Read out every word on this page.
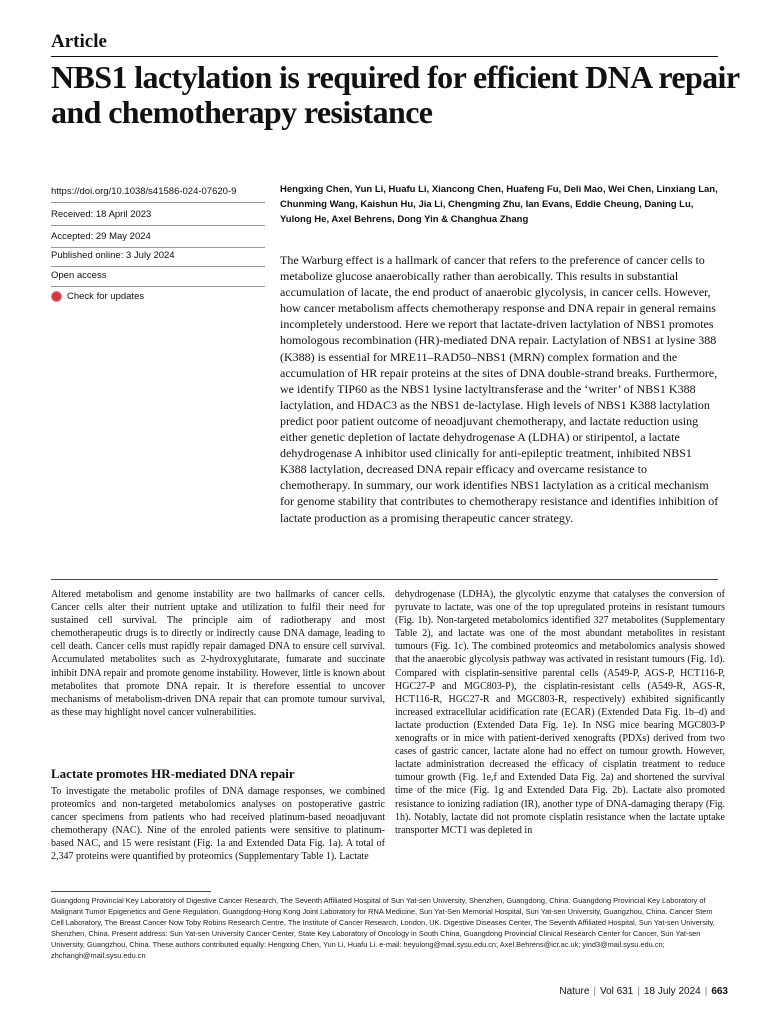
Article
NBS1 lactylation is required for efficient DNA repair and chemotherapy resistance
https://doi.org/10.1038/s41586-024-07620-9
Received: 18 April 2023
Accepted: 29 May 2024
Published online: 3 July 2024
Open access
Check for updates

Hengxing Chen, Yun Li, Huafu Li, Xiancong Chen, Huafeng Fu, Deli Mao, Wei Chen, Linxiang Lan, Chunming Wang, Kaishun Hu, Jia Li, Chengming Zhu, Ian Evans, Eddie Cheung, Daning Lu, Yulong He, Axel Behrens, Dong Yin & Changhua Zhang

The Warburg effect is a hallmark of cancer that refers to the preference of cancer cells to metabolize glucose anaerobically rather than aerobically. This results in substantial accumulation of lacate, the end product of anaerobic glycolysis, in cancer cells. However, how cancer metabolism affects chemotherapy response and DNA repair in general remains incompletely understood. Here we report that lactate-driven lactylation of NBS1 promotes homologous recombination (HR)-mediated DNA repair. Lactylation of NBS1 at lysine 388 (K388) is essential for MRE11–RAD50–NBS1 (MRN) complex formation and the accumulation of HR repair proteins at the sites of DNA double-strand breaks. Furthermore, we identify TIP60 as the NBS1 lysine lactyltransferase and the ‘writer’ of NBS1 K388 lactylation, and HDAC3 as the NBS1 de-lactylase. High levels of NBS1 K388 lactylation predict poor patient outcome of neoadjuvant chemotherapy, and lactate reduction using either genetic depletion of lactate dehydrogenase A (LDHA) or stiripentol, a lactate dehydrogenase A inhibitor used clinically for anti-epileptic treatment, inhibited NBS1 K388 lactylation, decreased DNA repair efficacy and overcame resistance to chemotherapy. In summary, our work identifies NBS1 lactylation as a critical mechanism for genome stability that contributes to chemotherapy resistance and identifies inhibition of lactate production as a promising therapeutic cancer strategy.

Altered metabolism and genome instability are two hallmarks of cancer cells. Cancer cells alter their nutrient uptake and utilization to fulfil their need for sustained cell survival. The principle aim of radiotherapy and most chemotherapeutic drugs is to directly or indirectly cause DNA damage, leading to cell death. Cancer cells must rapidly repair damaged DNA to ensure cell survival. Accumulated metabolites such as 2-hydroxyglutarate, fumarate and succinate inhibit DNA repair and promote genome instability. However, little is known about metabolites that promote DNA repair. It is therefore essential to uncover mechanisms of metabolism-driven DNA repair that can promote tumour survival, as these may highlight novel cancer vulnerabilities.

Lactate promotes HR-mediated DNA repair

To investigate the metabolic profiles of DNA damage responses, we combined proteomics and non-targeted metabolomics analyses on postoperative gastric cancer specimens from patients who had received platinum-based neoadjuvant chemotherapy (NAC). Nine of the enroled patients were sensitive to platinum-based NAC, and 15 were resistant (Fig. 1a and Extended Data Fig. 1a). A total of 2,347 proteins were quantified by proteomics (Supplementary Table 1). Lactate

dehydrogenase (LDHA), the glycolytic enzyme that catalyses the conversion of pyruvate to lactate, was one of the top upregulated proteins in resistant tumours (Fig. 1b). Non-targeted metabolomics identified 327 metabolites (Supplementary Table 2), and lactate was one of the most abundant metabolites in resistant tumours (Fig. 1c). The combined proteomics and metabolomics analysis showed that the anaerobic glycolysis pathway was activated in resistant tumours (Fig. 1d). Compared with cisplatin-sensitive parental cells (A549-P, AGS-P, HCT116-P, HGC27-P and MGC803-P), the cisplatin-resistant cells (A549-R, AGS-R, HCT116-R, HGC27-R and MGC803-R, respectively) exhibited significantly increased extracellular acidification rate (ECAR) (Extended Data Fig. 1b–d) and lactate production (Extended Data Fig. 1e). In NSG mice bearing MGC803-P xenografts or in mice with patient-derived xenografts (PDXs) derived from two cases of gastric cancer, lactate alone had no effect on tumour growth. However, lactate administration decreased the efficacy of cisplatin treatment to reduce tumour growth (Fig. 1e,f and Extended Data Fig. 2a) and shortened the survival time of the mice (Fig. 1g and Extended Data Fig. 2b). Lactate also promoted resistance to ionizing radiation (IR), another type of DNA-damaging therapy (Fig. 1h). Notably, lactate did not promote cisplatin resistance when the lactate uptake transporter MCT1 was depleted in

Guangdong Provincial Key Laboratory of Digestive Cancer Research, The Seventh Affiliated Hospital of Sun Yat-sen University, Shenzhen, Guangdong, China. Guangdong Provincial Key Laboratory of Malignant Tumor Epigenetics and Gene Regulation, Guangdong-Hong Kong Joint Laboratory for RNA Medicine, Sun Yat-Sen Memorial Hospital, Sun Yat-sen University, Guangzhou, China. Cancer Stem Cell Laboratory, The Breast Cancer Now Toby Robins Research Centre, The Institute of Cancer Research, London, UK. Digestive Diseases Center, The Seventh Affiliated Hospital, Sun Yat-sen University, Shenzhen, China. Present address: Sun Yat-sen University Cancer Center, State Key Laboratory of Oncology in South China, Guangdong Provincial Clinical Research Center for Cancer, Sun Yat-sen University, Guangzhou, China. These authors contributed equally: Hengxing Chen, Yun Li, Huafu Li. e-mail: heyulong@mail.sysu.edu.cn; Axel.Behrens@icr.ac.uk; yind3@mail.sysu.edu.cn; zhchangh@mail.sysu.edu.cn

Nature | Vol 631 | 18 July 2024 | 663
